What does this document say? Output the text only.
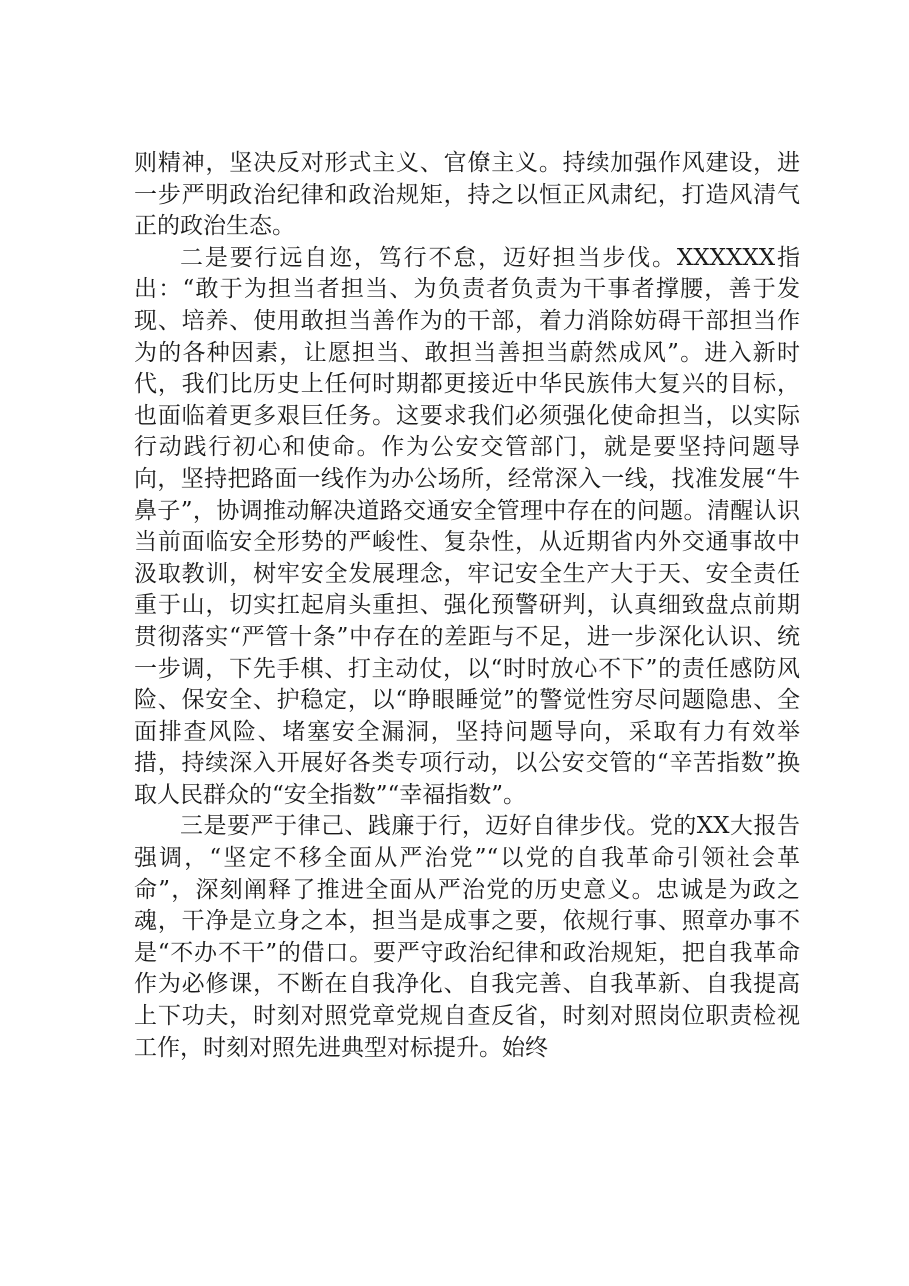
则精神，坚决反对形式主义、官僚主义。持续加强作风建设，进一步严明政治纪律和政治规矩，持之以恒正风肃纪，打造风清气正的政治生态。

二是要行远自迩，笃行不怠，迈好担当步伐。XXXXXX指出：“敢于为担当者担当、为负责者负责为干事者撑腰，善于发现、培养、使用敢担当善作为的干部，着力消除妨碍干部担当作为的各种因素，让愿担当、敢担当善担当蔚然成风”。进入新时代，我们比历史上任何时期都更接近中华民族伟大复兴的目标，也面临着更多艰巨任务。这要求我们必须强化使命担当，以实际行动践行初心和使命。作为公安交管部门，就是要坚持问题导向，坚持把路面一线作为办公场所，经常深入一线，找准发展“牛鼻子”，协调推动解决道路交通安全管理中存在的问题。清醒认识当前面临安全形势的严峻性、复杂性，从近期省内外交通事故中汲取教训，树牢安全发展理念，牢记安全生产大于天、安全责任重于山，切实扛起肩头重担、强化预警研判，认真细致盘点前期贯彻落实“严管十条”中存在的差距与不足，进一步深化认识、统一步调，下先手棋、打主动仗，以“时时放心不下”的责任感防风险、保安全、护稳定，以“睁眼睡觉”的警觉性穷尽问题隐患、全面排查风险、堵塞安全漏洞，坚持问题导向，采取有力有效举措，持续深入开展好各类专项行动，以公安交管的“辛苦指数”换取人民群众的“安全指数”“幸福指数”。

三是要严于律己、践廉于行，迈好自律步伐。党的XX大报告强调，“坚定不移全面从严治党”“以党的自我革命引领社会革命”，深刻阐释了推进全面从严治党的历史意义。忠诚是为政之魂，干净是立身之本，担当是成事之要，依规行事、照章办事不是“不办不干”的借口。要严守政治纪律和政治规矩，把自我革命作为必修课，不断在自我净化、自我完善、自我革新、自我提高上下功夫，时刻对照党章党规自查反省，时刻对照岗位职责检视工作，时刻对照先进典型对标提升。始终
